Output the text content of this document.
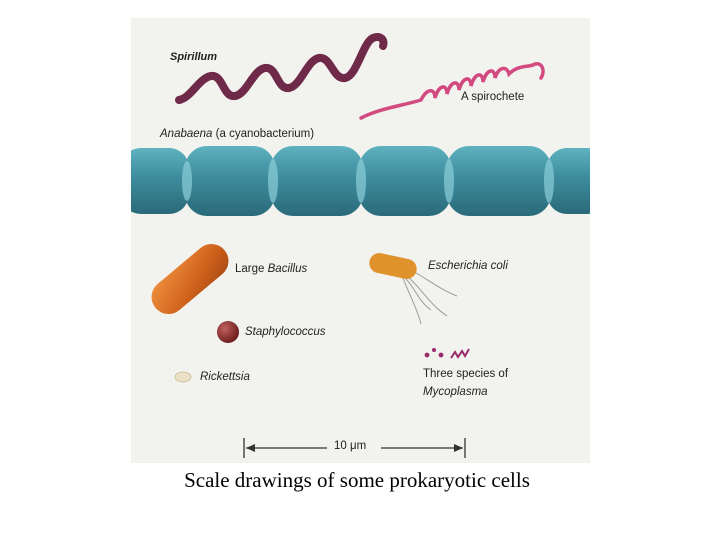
Spirillum
A spirochete
Anabaena (a cyanobacterium)
Large Bacillus	Escherichia coli
Staphylococcus
Rickettsia	Three species of
Mycoplasma
10 μm
Scale drawings of some prokaryotic cells
